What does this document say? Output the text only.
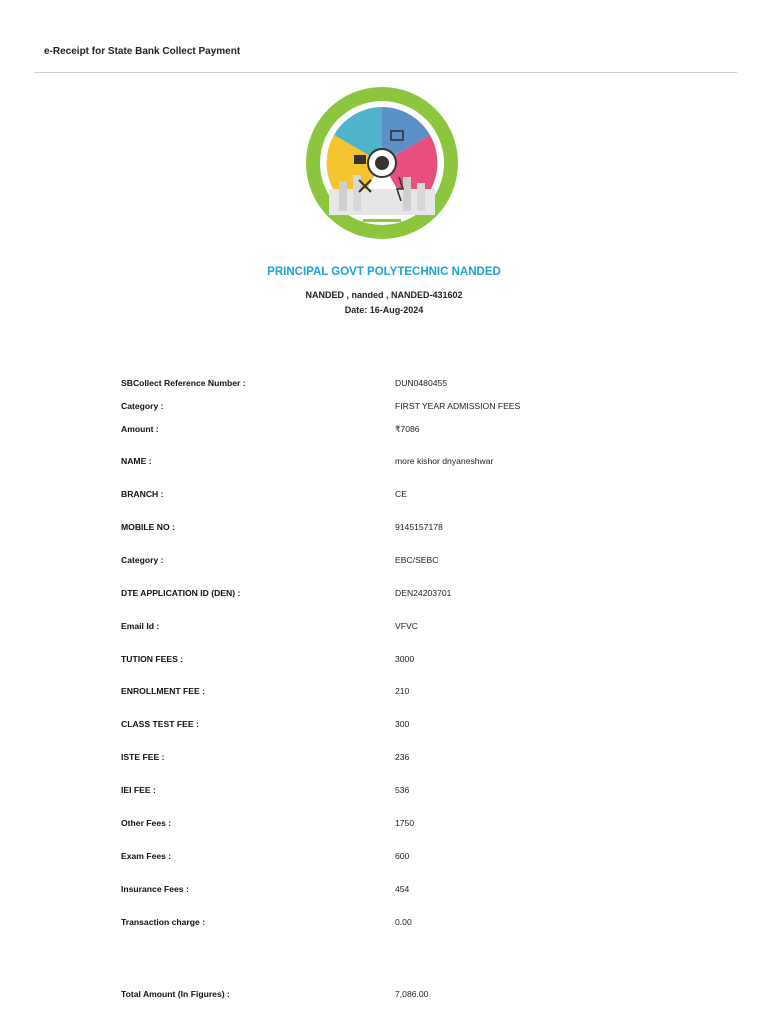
e-Receipt for State Bank Collect Payment
PRINCIPAL GOVT POLYTECHNIC NANDED
NANDED , nanded , NANDED-431602
Date: 16-Aug-2024
SBCollect Reference Number :	DUN0480455
Category :	FIRST YEAR ADMISSION FEES
Amount :	₹7086
NAME :	more kishor dnyaneshwar
BRANCH :	CE
MOBILE NO :	9145157178
Category :	EBC/SEBC
DTE APPLICATION ID (DEN) :	DEN24203701
Email Id :	VFVC
TUTION FEES :	3000
ENROLLMENT FEE :	210
CLASS TEST FEE :	300
ISTE FEE :	236
IEI FEE :	536
Other Fees :	1750
Exam Fees :	600
Insurance Fees :	454
Transaction charge :	0.00
Total Amount (In Figures) :	7,086.00
